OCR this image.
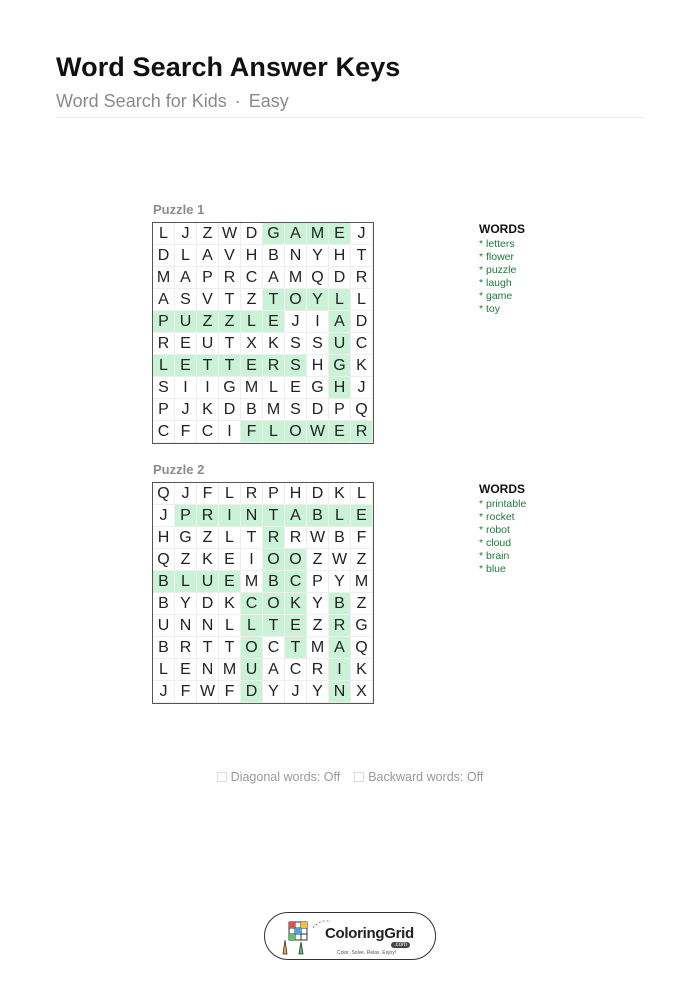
Word Search Answer Keys
Word Search for Kids · Easy
Puzzle 1
L J Z W D G A M E J
D L A V H B N Y H T
M A P R C A M Q D R
A S V T Z T O Y L L
P U Z Z L E J I A D
R E U T X K S S U C
L E T T E R S H G K
S I	I G M L E G H J
P J K D B M S D P Q
C F C I F L O W E R
WORDS
* letters
* flower
* puzzle
* laugh
* game
* toy
Puzzle 2
Q J F L R P H D K L
J P R I N T A B L E
H G Z L T R R W B F
Q Z K E I O O Z W Z
B L U E M B C P Y M
B Y D K C O K Y B Z
U N N L L T E Z R G
B R T T O C T M A Q
L E N M U A C R I K
J F W F D Y J Y N X
WORDS
* printable
* rocket
* robot
* cloud
* brain
* blue
Diagonal words: Off Backward words: Off
ColoringGrid
.com
Color. Solve. Relax. Enjoy!
